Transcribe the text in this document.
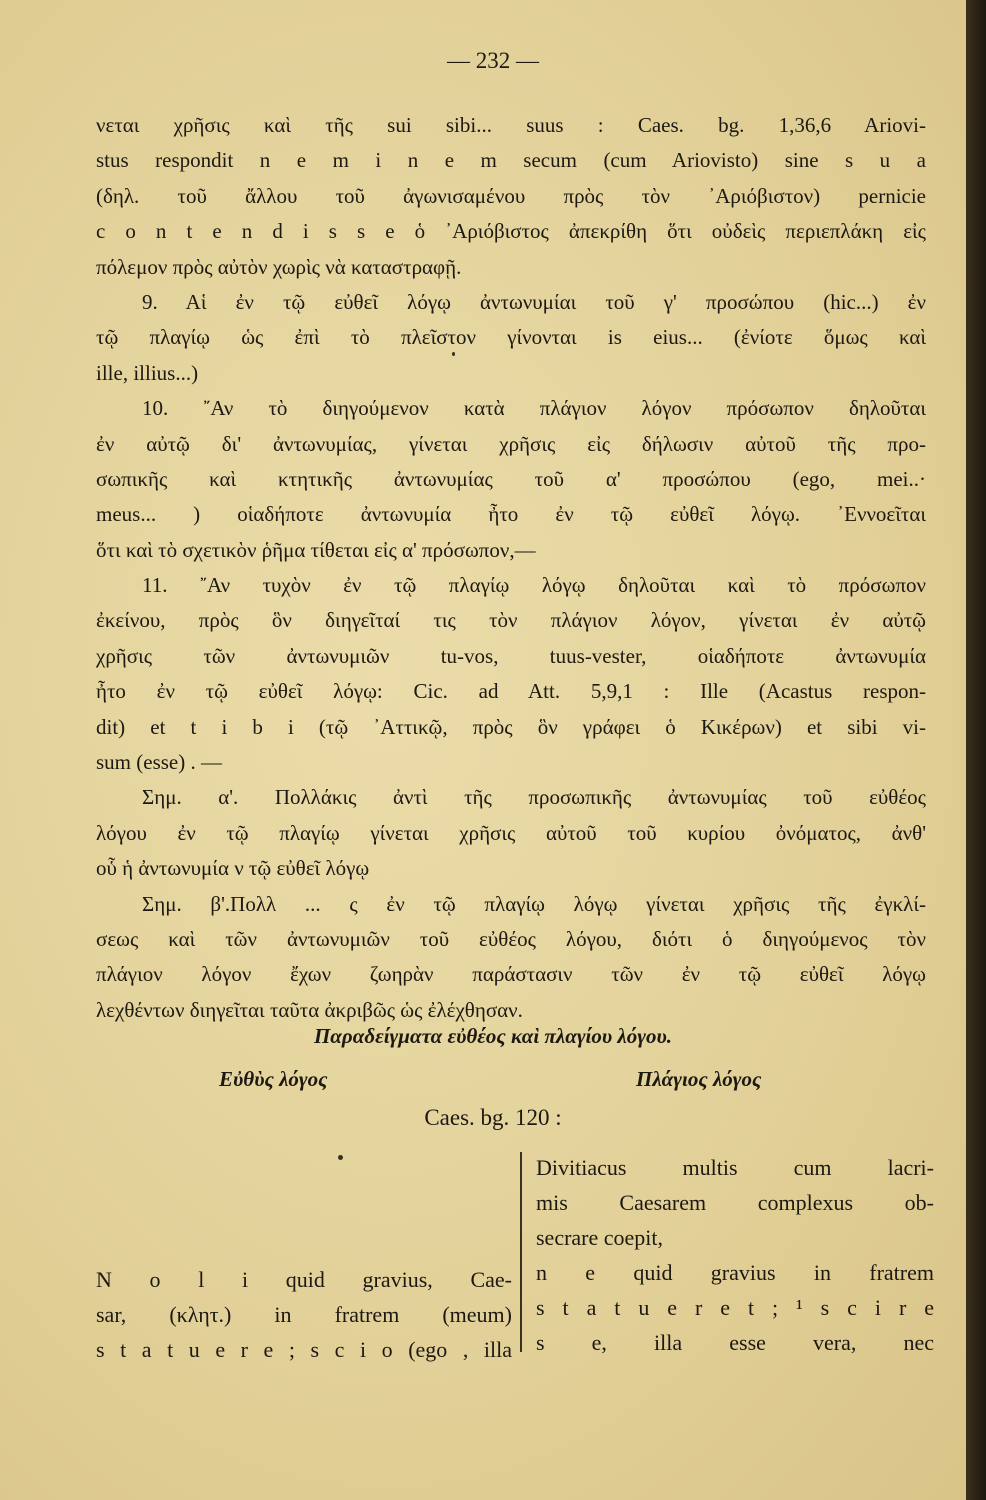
— 232 —
νεται χρῆσις καὶ τῆς sui sibi... suus : Caes. bg. 1,36,6 Ariovi-
stus respondit n e m i n e m secum (cum Ariovisto) sine s u a
(δηλ. τοῦ ἄλλου τοῦ ἀγωνισαμένου πρὸς τὸν ᾿Αριόβιστον) pernicie
c o n t e n d i s s e ὁ ᾿Αριόβιστος ἀπεκρίθη ὅτι οὐδεὶς περιεπλάκη εἰς
πόλεμον πρὸς αὐτὸν χωρὶς νὰ καταστραφῇ.
9. Αἱ ἐν τῷ εὐθεῖ λόγῳ ἀντωνυμίαι τοῦ γ' προσώπου (hic...) ἐν
τῷ πλαγίῳ ὡς ἐπὶ τὸ πλεῖστον γίνονται is eius... (ἐνίοτε ὅμως καὶ
ille, illius...)
10. ῎Αν τὸ διηγούμενον κατὰ πλάγιον λόγον πρόσωπον δηλοῦται
ἐν αὐτῷ δι' ἀντωνυμίας, γίνεται χρῆσις εἰς δήλωσιν αὐτοῦ τῆς προ-
σωπικῆς καὶ κτητικῆς ἀντωνυμίας τοῦ α' προσώπου (ego, mei..·
meus... ) οἱαδήποτε ἀντωνυμία ἦτο ἐν τῷ εὐθεῖ λόγῳ. ᾿Εννοεῖται
ὅτι καὶ τὸ σχετικὸν ῥῆμα τίθεται εἰς α' πρόσωπον,—
11. ῎Αν τυχὸν ἐν τῷ πλαγίῳ λόγῳ δηλοῦται καὶ τὸ πρόσωπον
ἐκείνου, πρὸς ὃν διηγεῖταί τις τὸν πλάγιον λόγον, γίνεται ἐν αὐτῷ
χρῆσις τῶν ἀντωνυμιῶν tu-vos, tuus-vester, οἱαδήποτε ἀντωνυμία
ἦτο ἐν τῷ εὐθεῖ λόγῳ: Cic. ad Att. 5,9,1 : Ille (Acastus respon-
dit) et t i b i (τῷ ᾿Αττικῷ, πρὸς ὃν γράφει ὁ Κικέρων) et sibi vi-
sum (esse) . —
Σημ. α'. Πολλάκις ἀντὶ τῆς προσωπικῆς ἀντωνυμίας τοῦ εὐθέος
λόγου ἐν τῷ πλαγίῳ γίνεται χρῆσις αὐτοῦ τοῦ κυρίου ὀνόματος, ἀνθ'
οὗ ἡ ἀντωνυμία ν τῷ εὐθεῖ λόγῳ
Σημ. β'.Πολλ ... ς ἐν τῷ πλαγίῳ λόγῳ γίνεται χρῆσις τῆς ἐγκλί-
σεως καὶ τῶν ἀντωνυμιῶν τοῦ εὐθέος λόγου, διότι ὁ διηγούμενος τὸν
πλάγιον λόγον ἔχων ζωηρὰν παράστασιν τῶν ἐν τῷ εὐθεῖ λόγῳ
λεχθέντων διηγεῖται ταῦτα ἀκριβῶς ὡς ἐλέχθησαν.
Παραδείγματα εὐθέος καὶ πλαγίου λόγου.
Εὐθὺς λόγος	Πλάγιος λόγος
Caes. bg. 120 :
N o l i quid gravius, Cae-
sar, (κλητ.) in fratrem (meum)
s t a t u e r e ; s c i o (ego , illa
Divitiacus multis cum lacri-
mis Caesarem complexus ob-
secrare coepit,
n e quid gravius in fratrem
s t a t u e r e t ; ¹ s c i r e
s e, illa esse vera, nec
